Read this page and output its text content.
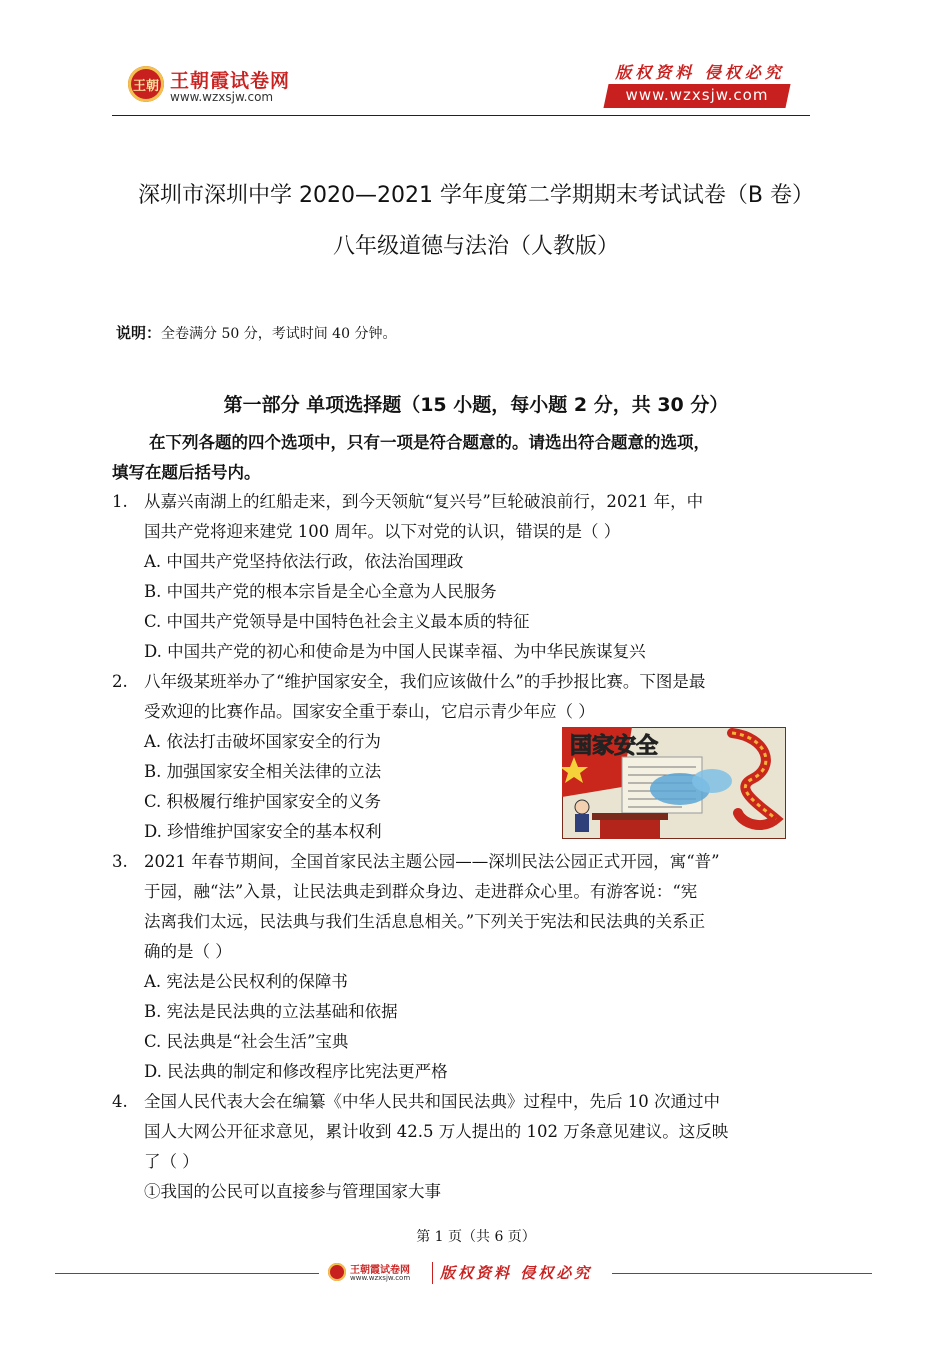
王朝 王朝霞试卷网
www.wzxsjw.com
版权资料 侵权必究
www.wzxsjw.com
深圳市深圳中学 2020—2021 学年度第二学期期末考试试卷（B 卷）
八年级道德与法治（人教版）
说明：全卷满分 50 分，考试时间 40 分钟。
第一部分 单项选择题（15 小题，每小题 2 分，共 30 分）
在下列各题的四个选项中，只有一项是符合题意的。请选出符合题意的选项，
填写在题后括号内。
1. 从嘉兴南湖上的红船走来，到今天领航“复兴号”巨轮破浪前行，2021 年，中
国共产党将迎来建党 100 周年。以下对党的认识，错误的是（ ）
A. 中国共产党坚持依法行政，依法治国理政
B. 中国共产党的根本宗旨是全心全意为人民服务
C. 中国共产党领导是中国特色社会主义最本质的特征
D. 中国共产党的初心和使命是为中国人民谋幸福、为中华民族谋复兴
2. 八年级某班举办了“维护国家安全，我们应该做什么”的手抄报比赛。下图是最
受欢迎的比赛作品。国家安全重于泰山，它启示青少年应（ ）
A. 依法打击破坏国家安全的行为
B. 加强国家安全相关法律的立法
C. 积极履行维护国家安全的义务
D. 珍惜维护国家安全的基本权利
国家安全
3. 2021 年春节期间，全国首家民法主题公园——深圳民法公园正式开园，寓“普”
于园，融“法”入景，让民法典走到群众身边、走进群众心里。有游客说：“宪
法离我们太远，民法典与我们生活息息相关。”下列关于宪法和民法典的关系正
确的是（ ）
A. 宪法是公民权利的保障书
B. 宪法是民法典的立法基础和依据
C. 民法典是“社会生活”宝典
D. 民法典的制定和修改程序比宪法更严格
4. 全国人民代表大会在编纂《中华人民共和国民法典》过程中，先后 10 次通过中
国人大网公开征求意见，累计收到 42.5 万人提出的 102 万条意见建议。这反映
了（ ）
①我国的公民可以直接参与管理国家大事
第 1 页（共 6 页）
王朝霞试卷网
www.wzxsjw.com 版权资料 侵权必究
